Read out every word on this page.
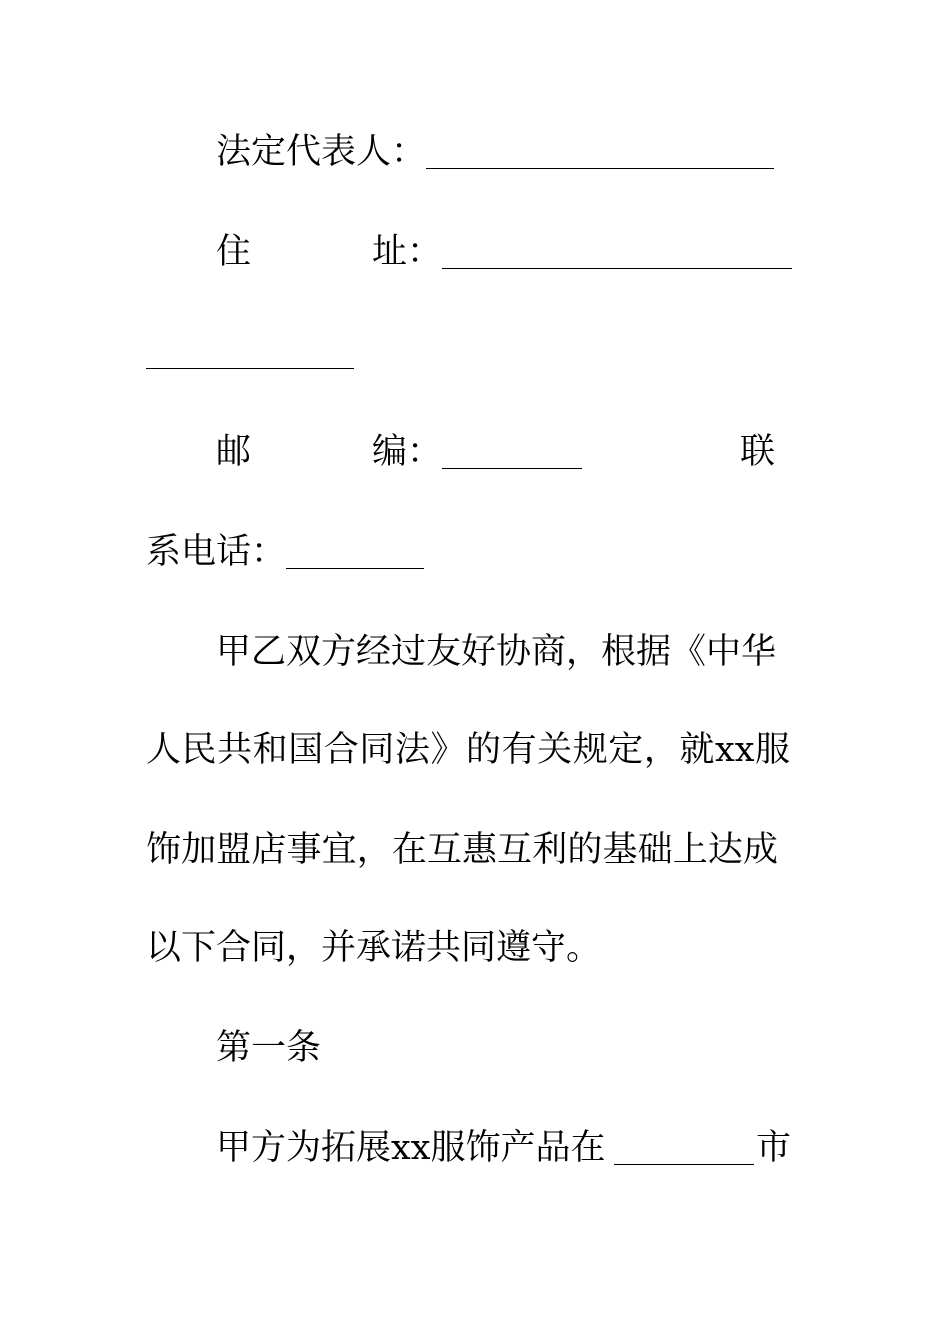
法定代表人：
住	址：
邮	编：	联
系电话：
甲乙双方经过友好协商，根据《中华
人民共和国合同法》的有关规定，就xx服
饰加盟店事宜，在互惠互利的基础上达成
以下合同，并承诺共同遵守。
第一条
甲方为拓展xx服饰产品在	市
